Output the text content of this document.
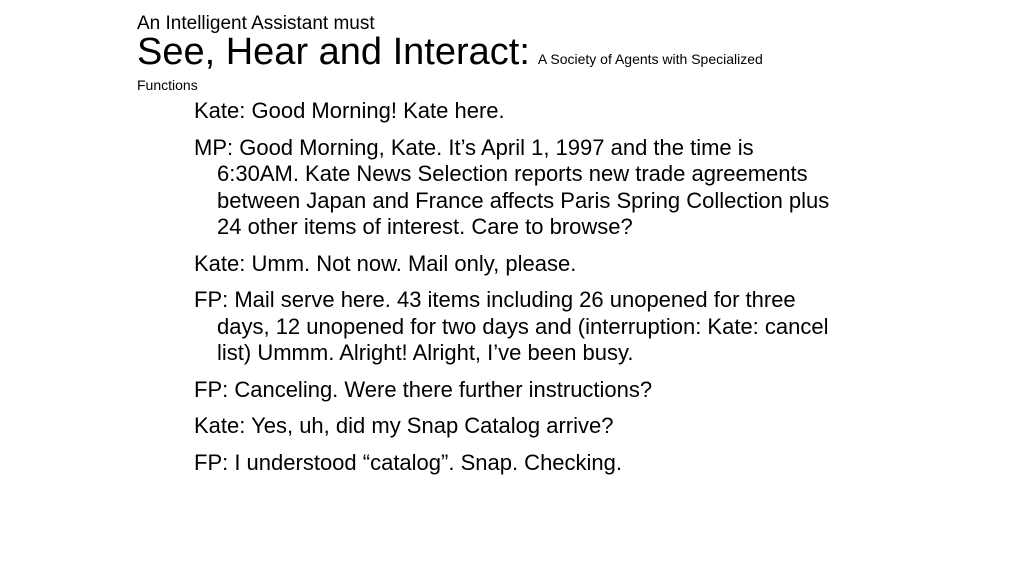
An Intelligent Assistant must

See, Hear and Interact: A Society of Agents with Specialized

Functions

Kate: Good Morning! Kate here.
MP: Good Morning, Kate. It’s April 1, 1997 and the time is 6:30AM. Kate News Selection reports new trade agreements between Japan and France affects Paris Spring Collection plus 24 other items of interest. Care to browse?
Kate: Umm. Not now. Mail only, please.
FP: Mail serve here. 43 items including 26 unopened for three days, 12 unopened for two days and (interruption: Kate: cancel list) Ummm. Alright! Alright, I’ve been busy.
FP: Canceling. Were there further instructions?
Kate: Yes, uh, did my Snap Catalog arrive?
FP: I understood “catalog”. Snap. Checking.
